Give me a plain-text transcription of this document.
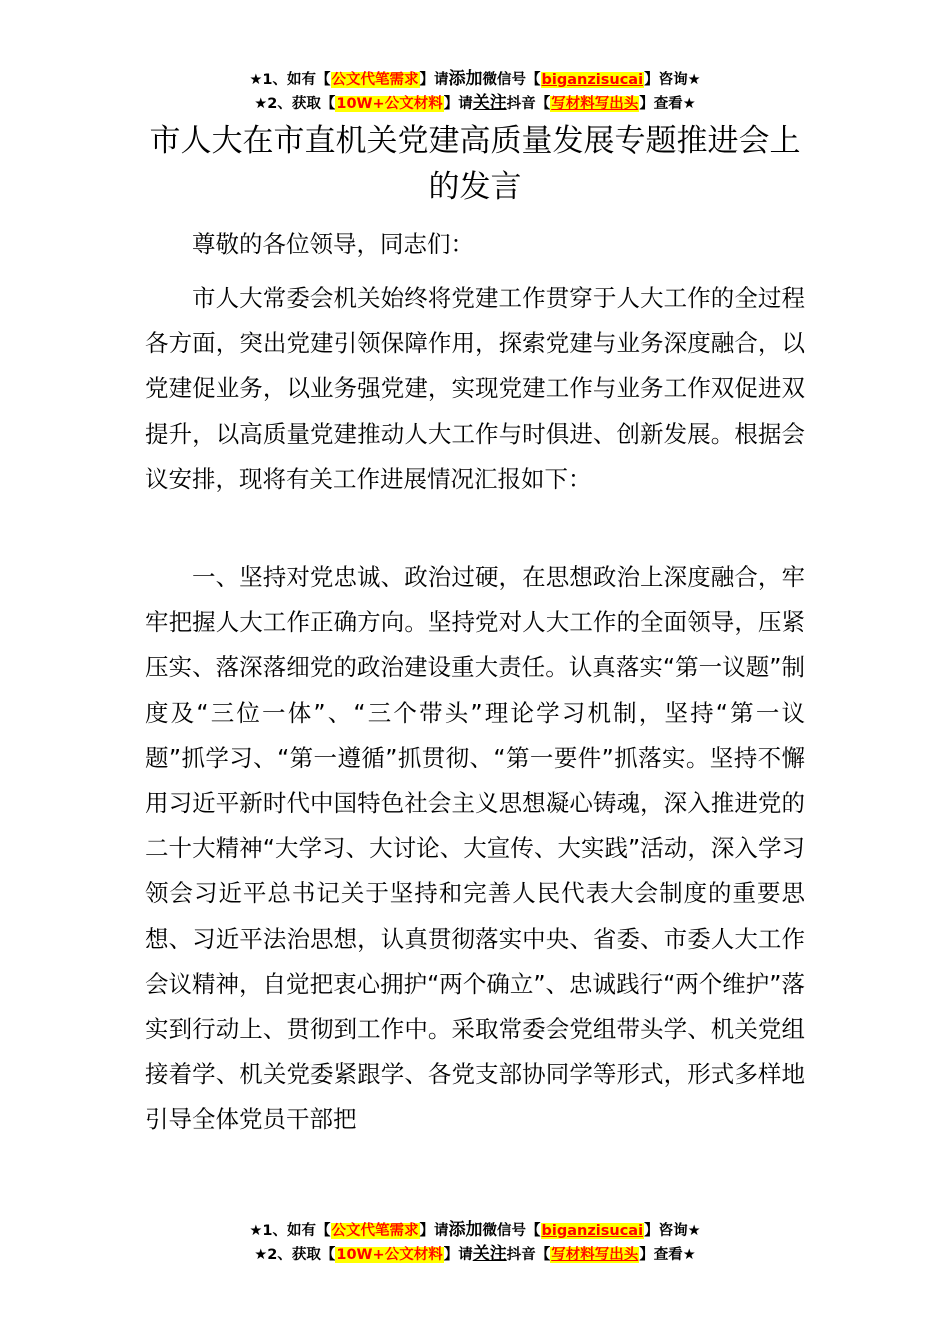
★1、如有【公文代笔需求】请添加微信号【biganzisucai】咨询★
★2、获取【10W+公文材料】请关注抖音【写材料写出头】查看★
市人大在市直机关党建高质量发展专题推进会上的发言

尊敬的各位领导，同志们：

市人大常委会机关始终将党建工作贯穿于人大工作的全过程各方面，突出党建引领保障作用，探索党建与业务深度融合，以党建促业务，以业务强党建，实现党建工作与业务工作双促进双提升，以高质量党建推动人大工作与时俱进、创新发展。根据会议安排，现将有关工作进展情况汇报如下：

一、坚持对党忠诚、政治过硬，在思想政治上深度融合，牢牢把握人大工作正确方向。坚持党对人大工作的全面领导，压紧压实、落深落细党的政治建设重大责任。认真落实“第一议题”制度及“三位一体”、“三个带头”理论学习机制，坚持“第一议题”抓学习、“第一遵循”抓贯彻、“第一要件”抓落实。坚持不懈用习近平新时代中国特色社会主义思想凝心铸魂，深入推进党的二十大精神“大学习、大讨论、大宣传、大实践”活动，深入学习领会习近平总书记关于坚持和完善人民代表大会制度的重要思想、习近平法治思想，认真贯彻落实中央、省委、市委人大工作会议精神，自觉把衷心拥护“两个确立”、忠诚践行“两个维护”落实到行动上、贯彻到工作中。采取常委会党组带头学、机关党组接着学、机关党委紧跟学、各党支部协同学等形式，形式多样地引导全体党员干部把

★1、如有【公文代笔需求】请添加微信号【biganzisucai】咨询★
★2、获取【10W+公文材料】请关注抖音【写材料写出头】查看★
